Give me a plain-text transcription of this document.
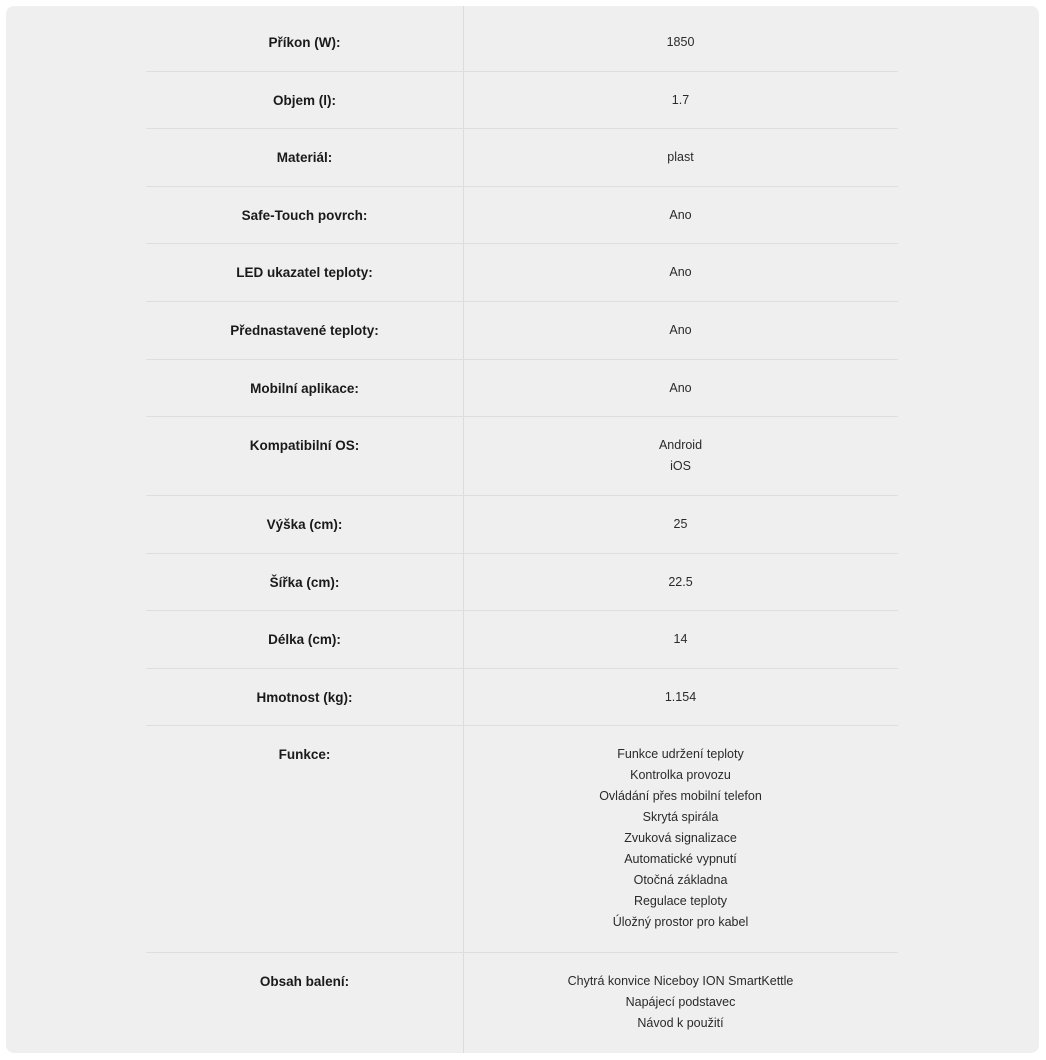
Příkon (W):	1850
Objem (l):	1.7
Materiál:	plast
Safe-Touch povrch:	Ano
LED ukazatel teploty:	Ano
Přednastavené teploty:	Ano
Mobilní aplikace:	Ano
Kompatibilní OS:	Android
iOS
Výška (cm):	25
Šířka (cm):	22.5
Délka (cm):	14
Hmotnost (kg):	1.154
Funkce:	Funkce udržení teploty
Kontrolka provozu
Ovládání přes mobilní telefon
Skrytá spirála
Zvuková signalizace
Automatické vypnutí
Otočná základna
Regulace teploty
Úložný prostor pro kabel
Obsah balení:	Chytrá konvice Niceboy ION SmartKettle
Napájecí podstavec
Návod k použití
